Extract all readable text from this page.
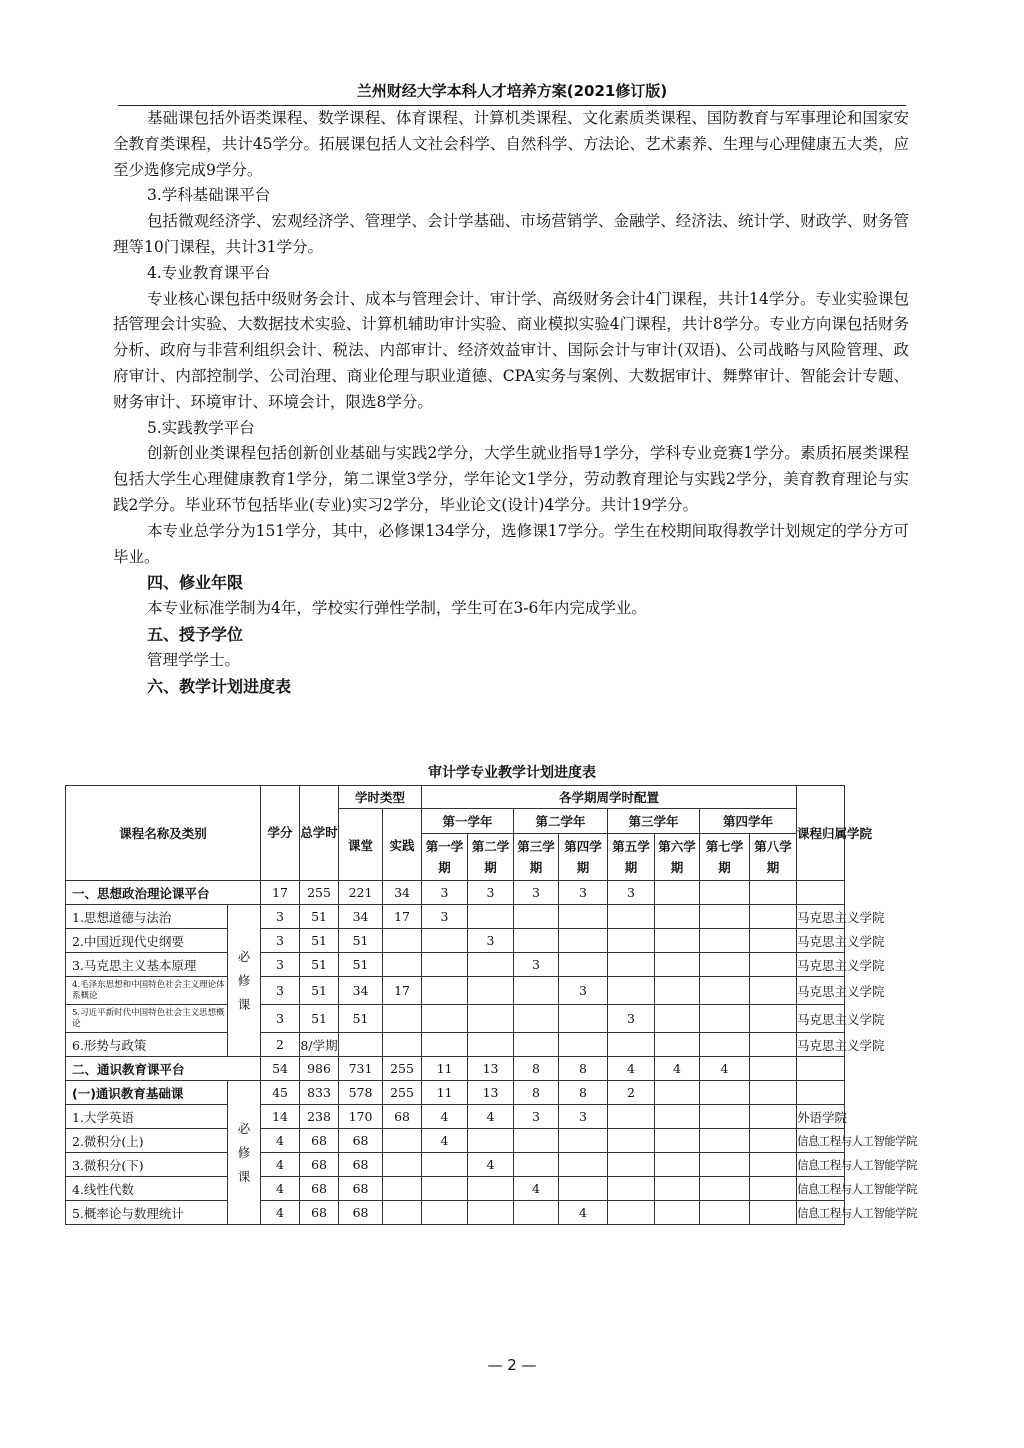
兰州财经大学本科人才培养方案(2021修订版)

基础课包括外语类课程、数学课程、体育课程、计算机类课程、文化素质类课程、国防教育与军事理论和国家安全教育类课程，共计45学分。拓展课包括人文社会科学、自然科学、方法论、艺术素养、生理与心理健康五大类，应至少选修完成9学分。

3.学科基础课平台

包括微观经济学、宏观经济学、管理学、会计学基础、市场营销学、金融学、经济法、统计学、财政学、财务管理等10门课程，共计31学分。

4.专业教育课平台

专业核心课包括中级财务会计、成本与管理会计、审计学、高级财务会计4门课程，共计14学分。专业实验课包括管理会计实验、大数据技术实验、计算机辅助审计实验、商业模拟实验4门课程，共计8学分。专业方向课包括财务分析、政府与非营利组织会计、税法、内部审计、经济效益审计、国际会计与审计(双语)、公司战略与风险管理、政府审计、内部控制学、公司治理、商业伦理与职业道德、CPA实务与案例、大数据审计、舞弊审计、智能会计专题、财务审计、环境审计、环境会计，限选8学分。

5.实践教学平台

创新创业类课程包括创新创业基础与实践2学分，大学生就业指导1学分，学科专业竞赛1学分。素质拓展类课程包括大学生心理健康教育1学分，第二课堂3学分，学年论文1学分，劳动教育理论与实践2学分，美育教育理论与实践2学分。毕业环节包括毕业(专业)实习2学分，毕业论文(设计)4学分。共计19学分。

本专业总学分为151学分，其中，必修课134学分，选修课17学分。学生在校期间取得教学计划规定的学分方可毕业。

四、修业年限

本专业标准学制为4年，学校实行弹性学制，学生可在3-6年内完成学业。

五、授予学位

管理学学士。

六、教学计划进度表

审计学专业教学计划进度表
课程名称及类别		学分	总学时	学时类型		各学期周学时配置								课程归属学院
				课堂	实践	第一学年		第二学年		第三学年		第四学年		
						第一学期	第二学期	第三学期	第四学期	第五学期	第六学期	第七学期	第八学期	
一、思想政治理论课平台		17	255	221	34	3	3	3	3	3				
1.思想道德与法治	必修课	3	51	34	17	3								马克思主义学院
2.中国近现代史纲要		3	51	51			3							马克思主义学院
3.马克思主义基本原理		3	51	51				3						马克思主义学院
4.毛泽东思想和中国特色社会主义理论体系概论		3	51	34	17				3					马克思主义学院
5.习近平新时代中国特色社会主义思想概论		3	51	51						3				马克思主义学院
6.形势与政策		2	8/学期											马克思主义学院
二、通识教育课平台		54	986	731	255	11	13	8	8	4	4	4		
(一)通识教育基础课	必修课	45	833	578	255	11	13	8	8	2				
1.大学英语		14	238	170	68	4	4	3	3					外语学院
2.微积分(上)		4	68	68		4								信息工程与人工智能学院
3.微积分(下)		4	68	68			4							信息工程与人工智能学院
4.线性代数		4	68	68				4						信息工程与人工智能学院
5.概率论与数理统计		4	68	68					4					信息工程与人工智能学院
— 2 —
